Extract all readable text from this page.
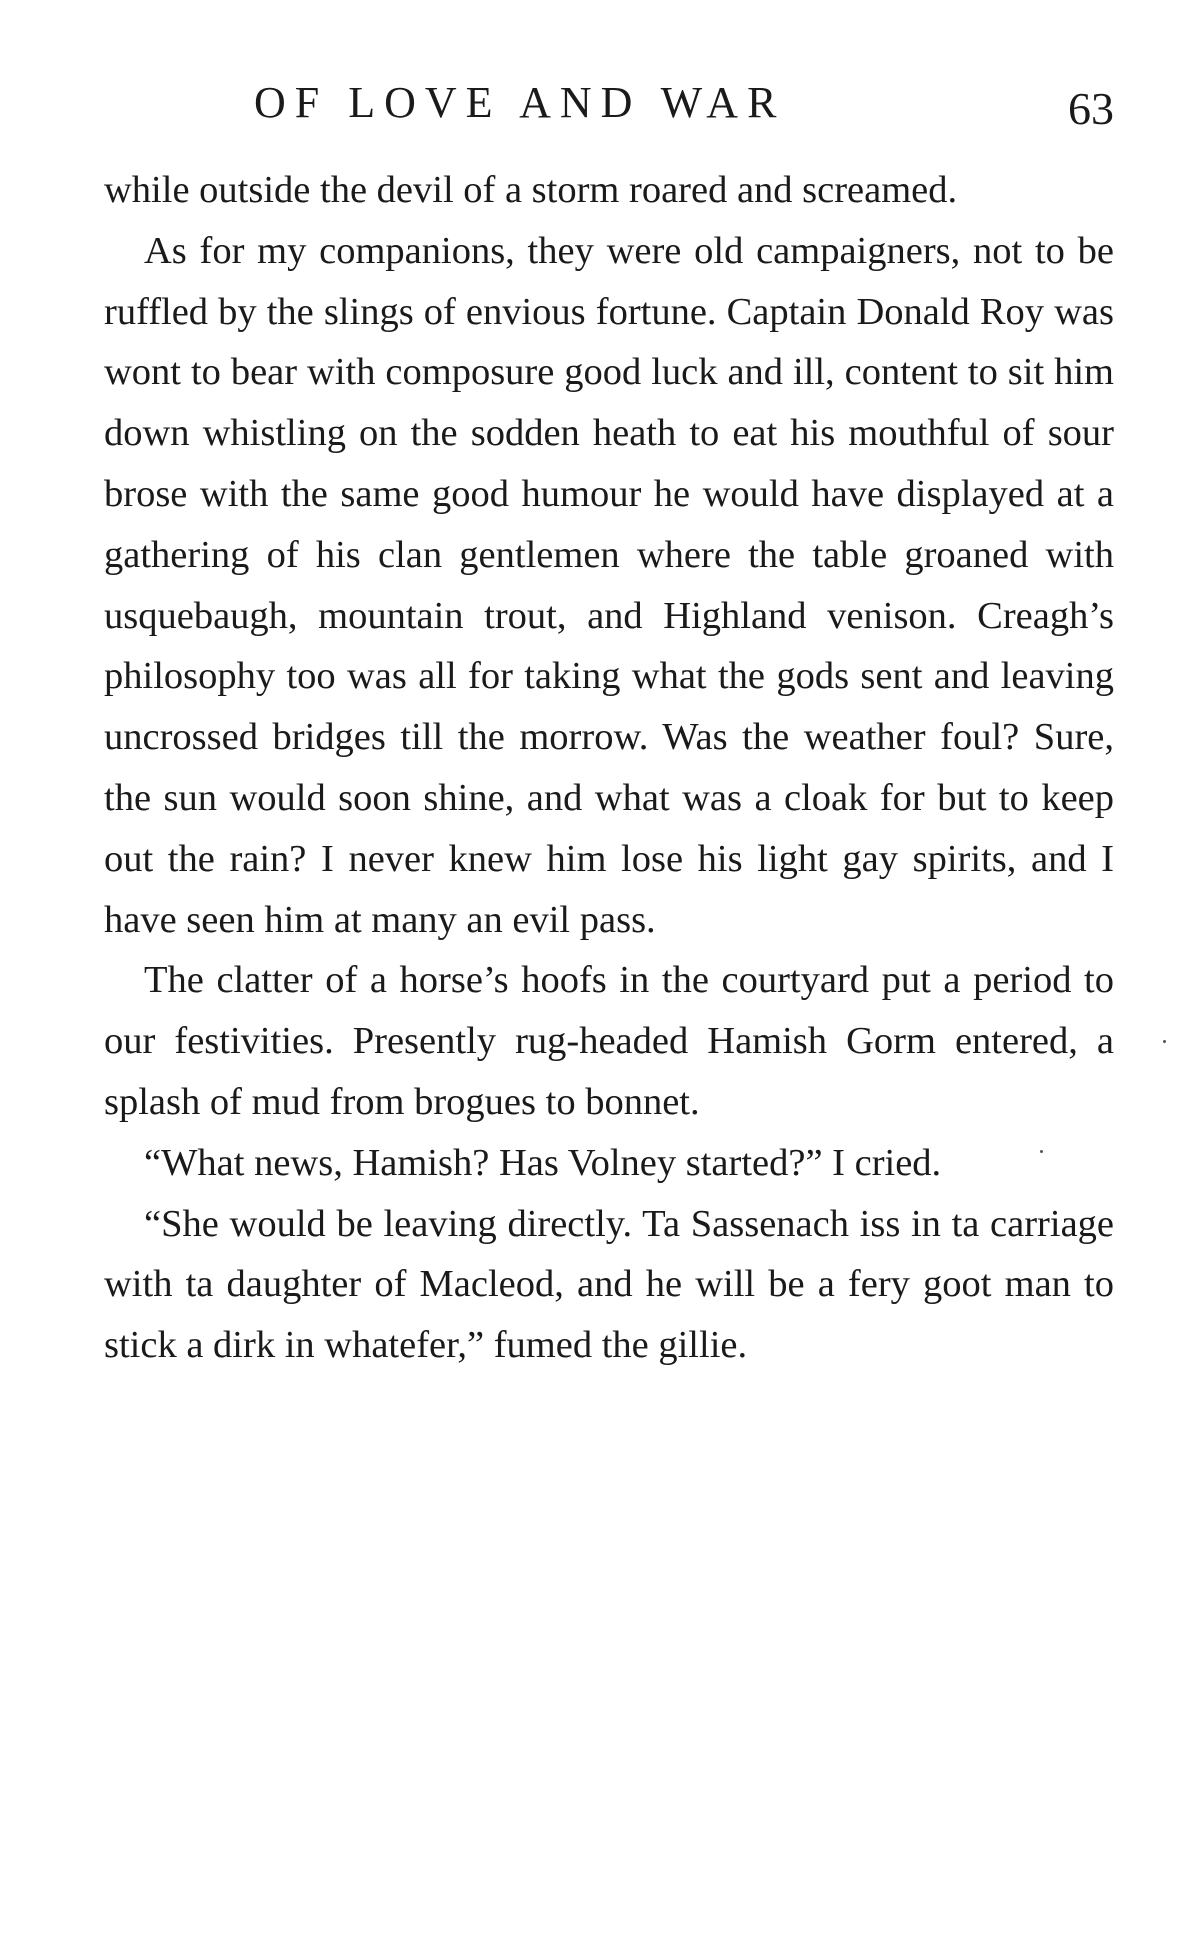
OF LOVE AND WAR	63

while outside the devil of a storm roared and screamed.

As for my companions, they were old campaigners, not to be ruffled by the slings of envious fortune. Captain Donald Roy was wont to bear with composure good luck and ill, content to sit him down whistling on the sodden heath to eat his mouthful of sour brose with the same good humour he would have displayed at a gathering of his clan gentlemen where the table groaned with usquebaugh, mountain trout, and Highland venison. Creagh’s philosophy too was all for taking what the gods sent and leaving uncrossed bridges till the morrow. Was the weather foul? Sure, the sun would soon shine, and what was a cloak for but to keep out the rain? I never knew him lose his light gay spirits, and I have seen him at many an evil pass.

The clatter of a horse’s hoofs in the courtyard put a period to our festivities. Presently rug-headed Hamish Gorm entered, a splash of mud from brogues to bonnet.

“What news, Hamish? Has Volney started?” I cried.

“She would be leaving directly. Ta Sassenach iss in ta carriage with ta daughter of Macleod, and he will be a fery goot man to stick a dirk in whatefer,” fumed the gillie.
